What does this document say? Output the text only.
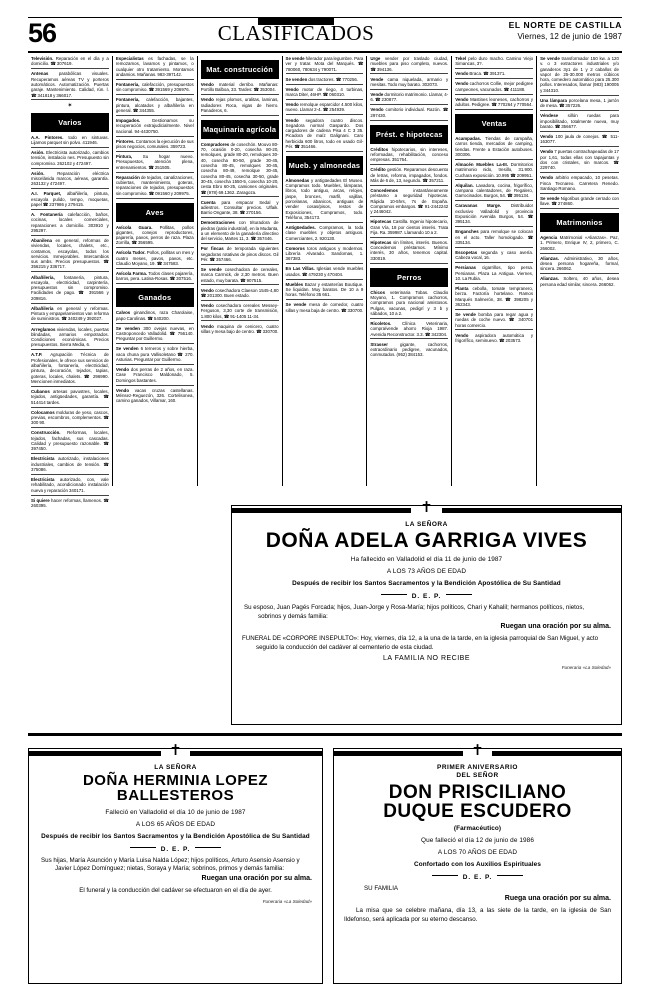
56	CLASIFICADOS	EL NORTE DE CASTILLA
Viernes, 12 de junio de 1987
Televisión. Reparación en el día y a domicilio. ☎ 307619.
Antenas parabólicas visuales. Recuperamos aéreas TV y porteros automáticos. Automatización. Puertas garaje. Mantenimiento. Calidad, rún. l. ☎ 341818 y 366017.
✶
Varios
A.A. Pintores. todo en sintuvas. Lijamos parquet sin polvo. 411946.
Asión. Electricista autorizado, cambios tensión, instalacio nes. Presupuesto sin compromiso. 262102 y 472497.
Asión. Reparación eléctrica miscelánida marcos, aéreas, garantía. 263132 y 472497.
A.I. Parquet, albañilería, pintura, escayola pulido, tempo, moquetas, papel ☎ 237986 y 279415.
A. Fontanería calefacción, baños, cocinas, locales comerciales, reparaciones a domicilio. 303910 y 295297.
Abanilena en general, reformas de viviendas, locales, chalets, etc., contamos, escayolas, todos los servicios. Inmejorables. Intercambios sus ambs. Precios presupuestos. ☎ 356215 y 336717.
Albañilería, fontanería, pintura, escayola, electricidad, carpintería, presupuestos sin compromiso. Facilidades de pago. ☎ 391566 y 209816.
Albañilería en general y reformas. Pintura y empapelamientos van reforma de suministros. ☎ 340249 y 392027.
Arreglamos viviendas, locales, puertas blindadas, armarios empotrados. Condiciones económicas. Precios presupuestos. Sierra Media, 6.
A.T.P. Agrupación Técnica de Profesionales, le ofrece sus servicios de albañilería, fontanería, electricidad, pintura, decoración, tejados, tapias, goteras, locales, chalets. ☎ 296990. Mencionen inmediatos.
Cubanos artesas pavustres, locales, tejados, antigüedades, garantía. ☎ 514414 tardes.
Colocamos molduras de yeso, cascos, previas, escombros, complementos. ☎ 300 90.
Construcción. Reformas, locales, tejados, fachadas, sus cascadas. Calidad y presupuesto razonable. ☎ 397450.
Electricista autorizado, instalaciones industriales, cambios de tensión. ☎ 375086.
Electricista autorizado, con, vale rehabilitado, acondicionado instalación nueva y reparación 340171.
Si quiere hacer reformas, llamenos. ☎ 260395.
Especialistas es fachadas, se la remozamos, lavamos y pintamos, o cualquier otro tratamiento. Montamos andamios. Mañanas. 983-397142.
Fontanería, calefacción, presupuestos sin compromiso. ☎ 391569 y 206976.
Fontanería, calefacción, bajantes, pintura, alcatados y albañilería en general. ☎ 344355.
Impagados. Gestionamos su recuperación extrajudicialmente. Nivel nacional. 94-4430750.
Pintores. Contamos la ejecución de sus pisos negocios, comunales. 359723.
Pintura, Su hogar nuevo. Presupuestos, atención plena, entrenamientos. ☎ 251505.
Reparación de tejados, canalizaciones, cubiertas, mantenimiento, goteras, reparaciones de tejados, presupuestos sin compromiso. ☎ 091560 y 209975.
Aves
Avícola Guara. Pollitas, pollos gigantes, conejos reproductores, pajarería, pavos, perros de raza. Plaza Zorrilla, ☎ 356595.
Avícola Tudor. Pollos, pollitas un mes y cuatro meses, pavos, pavos, etc. Claudio Moyano, 19. ☎ 347583.
Avícola Farma. Todos clases pajarería, barros, pera. Latina-Rosas. ☎ 307516.
Ganados
Calvos ginandinos, raza Charolaise, papo Carolinas. ☎ 540200.
Se venden 300 ovejas nuevas, en Castroponcedo Valladolid. ☎ 756140. Preguntar por Guillermo.
Se venden 6 terneros y sobre hierba, vaca chuna pura Vallisoletano ☎ 270. Asturias. Preguntar por Guillermo.
Vendo dos perras de 2 años, en raza. Case Francisco Maldonado, 5. Domingos bastantes.
Vendo vacas cruzas castellanas. Ménsez-Reguezón, 326. Cortelisonea, camino ganados, Villamar, 160.
Mat. construcción
Vendo material derribo. Mañanas: Portillo Balboa, 33. Tardes: ☎ 353004.
Vendo rejas plomos, uralitas, laminas, radiadores Roca, vigas de hierro. Panaderos, 6.
Maquinaria agrícola
Compradores de cosechón. Mouvo 80-70, ocasión 0-20, cosecha 80-20, remolques, grade 80-20, remolques 30-40, cosecha 80-50, grade 30-45, cosecha 80-45, remolques 30-45, cosecha 80-49, remolque 30-45, cosecha 80-45, cosecha 30-50, grade 30-45, cosecha 1550-5, cosecha 10-20, cesta Ebro 60-25, camiones originales. ☎ (978) 69.1362. Zaragoza.
Cuenta para empacar Sedal y adiestros. Consultar precios. Ulfaik. Barrio Ongante, 38. ☎ 270156.
Demostraciones con trituradora de piedras (patio industrial), en la Mudanta, a un elemento de la ganadería directivo del servicio, Martes 11, 3. ☎ 357446.
Por fincas de temporada siguientes segadoras rotativas de pinos discos. Gil Pér. ☎ 357466.
Se vende cosechadora de cereales, marca Carmick, de 2,30 metros. Buen estado, muy barata. ☎ 907515.
Vendo cosechadora Claeson 1545-4,80 ☎ 201300. Buen estado.
Vendo cosechadora cereales Messey-Ferguson, 3,30 corte de transmisión, 1.800 kilos, ☎ 91-1405 11-34.
Vendo maquina de cenicero, cuatro sillas y mesa bajo de centro. ☎ 330700.
Se vende hilerador para legumbre. Para ver y tratar. Mota del Marqués. ☎ 780060, 780634 y 790071.
Se venden dos tractores. ☎ 770256.
Vendo motor de riego, 4 turbinas, marca Diter, 46HP. ☎ 060310.
Vendo remolque esparcidor 4.500 kilos, nuevo. Llamar 2-4. ☎ 254939.
Vendo segadora cuatro discos. Segadora normal Gaspardo. Dos cargadores de cadena Pisa 4 C 3 35. Picadora de maíz Galignani. Caro herbicida 600 litros, todo en usado Gil-Pér. ☎ 351466.
Mueb. y almonedas
Almonedas y antigüedades El Museo. Compramos todo. Muebles, lámparas, libros, todo antiguo, arcas, relojes, jaspe, bronces, marfil, vajillas, porcelanas, abanicos, antiguas de vender cosas/pisos, restos de Exposiciones, Compramos, todo. Teléfono, 354173.
Antigüedades. Compramos, la toda clase muebles y objetos antiguos. Comerciantes, 2. 920130.
Comoros toros antiguos y modernos. Librería Alvarado. Sandomas, 1. 367383.
En Las Villas. Iglesias vende muebles usados. ☎ 479230 y 470404.
Muebles Bazar y estanterías Boutique. Se liquidan. Muy baratos. De 10 a 9 horas. Teléfono 35 661.
Se vende mesa de comedor, cuatro sillas y mesa baja de centro. ☎ 330700.
Urge vender por traslado ciudad, muebles para piso completo, nuevos. ☎ 394136.
Vende cama niquelada, armario y mesitas. Todo muy barato. 302073.
Vende dormitorio matrimonio. Llamar, 4-6. ☎ 230877.
Vendo comitorio individual. Razón. ☎ 297430.
Prést. e hipotecas
Créditos hipotecarios, sin intereses, reformadas, rehabilitación, conceso empresas. 351764.
Crédito gestión. Reparamos descuento de letras, reforma, impagados, fondos. Más de 6 de, 13, segundo. ☎ 357211.
Concedemos instantáneamente préstamo a seguridad hipotecas. Rápida 10-5hrs, 7s de España. Compramos embargos. ☎ 91-2442242 y 2446042.
Hipotecas Castilla. Ingenio hipotecario, Gran Vía, 18 por cientos interés. Trata Fija. Ra. 359987. Llamando 10 a 2.
Hipotecas sin límites, interés. Buenos. Concedemos préstamos. Mínimo interés, 30 años, tenemos capital. 330019.
Perros
Chicos veterinaria Tobas. Claudio Moyano, 1. Compramos cachorros, compramos pura nacional amistosos. Pulgas, vacunas, pedigrí y 3 b y sábados, 10 a 2.
Ricoletos. Clínica Veterinaria, compra/vende ahorro Rioja 1987. Avenida Reconstructor. 3.3. ☎ 342304.
Strasser gigante, cachorros, extraordinario pedigree, vacunados, conmutados. (952) 384153.
Tekel pelo duro macho. Camino Viejo Simancas, 3?.
Vendo Braca. ☎ 391371.
Vendo cachorros Collie, mejor pedigree campeones, vacunados. ☎ 411188.
Vendo Mastines leoneses, cachorros y adultos. Pedigree. ☎ 770264 y 770564.
Ventas
Acampadas. Tiendas de campaña, carros tienda, mercados de camping, tiendas. Frente a Estación autobuses. 300306.
Almacén Muebles La-III. Dormitorios matrimonio nido, tresillo, 31.900. Cuchara exposición. 10.995 ☎ 209951.
Alquilan. Lavadora, cocina, frigorífico, campana calentadores, de Regalero, Garrocinados. Burgos, 54. ☎ 395134.
Caravanas Marge. Distribuidor exclusivo Valladolid y provincia Exposición Avenida Burgos, 54. ☎ 395134.
Enganches para remolque se colocan en el acto. Taller homologado. ☎ 335134.
Escopetas segunda y caso avería. Cabeza vocal, 16.
Persianas cigarrillos, tipo persa. Persianas. Plaza La Antigua. Viernes, 10. La Rubia.
Planta cebolla, tomate tempranero, berza. Factoría hortelano. Ramos Marqués Salmerón, 38. ☎ 398205 y 362343.
Se vende bomba para regar agua y ruedas de coche nuevo. ☎ 340701 horas comercio.
Vendo aspiradora automática y frigorífico, seminuevo. ☎ 203573.
Se vende transformador 150 kw. a 120 v. o 3 extractores industriales y/o ganaderos 3y1 de 1 y 2 caballos de vapor de 25-30.000 metros cúbicos hora, comedero automático para 25.300 pollos. Interesados, llamar (983) 190005 y 344310.
Una lámpara porcelana mesa, 1 jarrón de mesa. ☎ 357226.
Véndese sillón ruedas para imposibilitado, totalmente nueva, muy barato. ☎ 356677.
Vendo 100 jaula de conejos. ☎ 511-163077.
Vendo 7 puertas contrachapeadas de 17 por 1,61, todas ellas con tapajuntas y dos con cristales, sin marcos. ☎ 229740.
Vendo arbitrio empacado, 10 pesetas. Finca Tecnareo. Carretera Renedo. Santiago Romano.
Se vende Nigoribus grande cerrado con llave. ☎ 274860.
Matrimonios
Agencia Matrimonial «Alianzas». Paz, 1. Primero, Enrique IV, 2, primero, C. 266002.
Alianzas. Administrativo, 30 años, desea persona hogareña, formal, sincera. 266062.
Alianzas. Soltero, 40 años, desea persona edad similar, sincera. 266062.
✝
LA SEÑORA
DOÑA ADELA GARRIGA VIVES
Ha fallecido en Valladolid el día 11 de junio de 1987
A LOS 73 AÑOS DE EDAD
Después de recibir los Santos Sacramentos y la Bendición Apostólica de Su Santidad
D. E. P.
Su esposo, Juan Pagés Forcada; hijos, Juan-Jorge y Rosa-María; hijos políticos, Chari y Kahalil; hermanos políticos, nietos, sobrinos y demás familia:
Ruegan una oración por su alma.
FUNERAL DE «CORPORE INSEPULTO»: Hoy, viernes, día 12, a la una de la tarde, en la iglesia parroquial de San Miguel, y acto seguido la conducción del cadáver al cementerio de esta ciudad.
LA FAMILIA NO RECIBE
Funeraria «La Soledad»
✝
LA SEÑORA
DOÑA HERMINIA LOPEZ BALLESTEROS
Falleció en Valladolid el día 10 de junio de 1987
A LOS 65 AÑOS DE EDAD
Después de recibir los Santos Sacramentos y la Bendición Apostólica de Su Santidad
D. E. P.
Sus hijas, María Asunción y María Luisa Nalda López; hijos políticos, Arturo Asensio Asensio y Javier López Domínguez; nietas, Soraya y María; sobrinos, primos y demás familia:
Ruegan una oración por su alma.
El funeral y la conducción del cadáver se efectuaron en el día de ayer.
Funeraria «La Soledad»
✝
PRIMER ANIVERSARIO
DEL SEÑOR
DON PRISCILIANO
DUQUE ESCUDERO
(Farmacéutico)
Que falleció el día 12 de junio de 1986
A LOS 70 AÑOS DE EDAD
Confortado con los Auxilios Espirituales
D. E. P.
SU FAMILIA
Ruega una oración por su alma.
La misa que se celebre mañana, día 13, a las siete de la tarde, en la iglesia de San Ildefonso, será aplicada por su eterno descanso.
